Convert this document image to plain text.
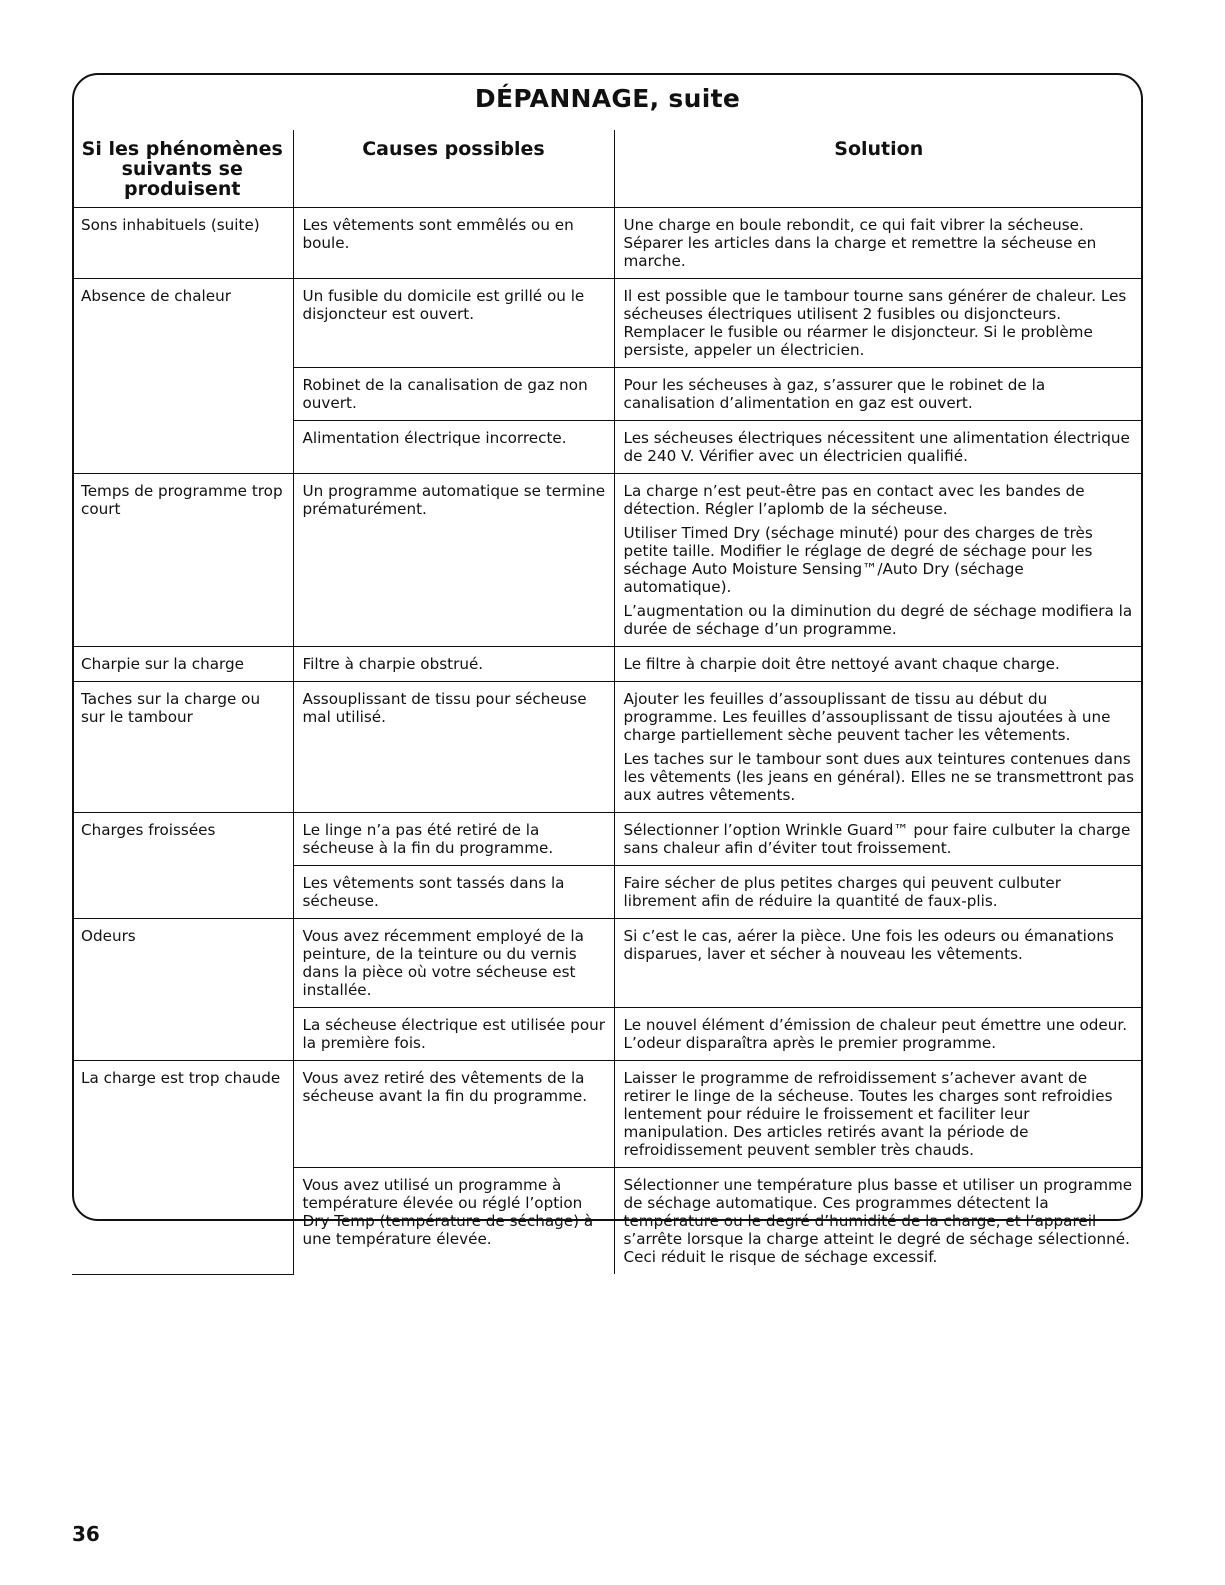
DÉPANNAGE, suite
Si les phénomènes suivants se produisent	Causes possibles	Solution
Sons inhabituels (suite)	Les vêtements sont emmêlés ou en boule.	Une charge en boule rebondit, ce qui fait vibrer la sécheuse. Séparer les articles dans la charge et remettre la sécheuse en marche.

Absence de chaleur	Un fusible du domicile est grillé ou le disjoncteur est ouvert.	Il est possible que le tambour tourne sans générer de chaleur. Les sécheuses électriques utilisent 2 fusibles ou disjoncteurs. Remplacer le fusible ou réarmer le disjoncteur. Si le problème persiste, appeler un électricien.

	Robinet de la canalisation de gaz non ouvert.	Pour les sécheuses à gaz, s’assurer que le robinet de la canalisation d’alimentation en gaz est ouvert.

	Alimentation électrique incorrecte.	Les sécheuses électriques nécessitent une alimentation électrique de 240 V. Vérifier avec un électricien qualifié.

Temps de programme trop court	Un programme automatique se termine prématurément.	La charge n’est peut-être pas en contact avec les bandes de détection. Régler l’aplomb de la sécheuse.

Utiliser Timed Dry (séchage minuté) pour des charges de très petite taille. Modifier le réglage de degré de séchage pour les séchage Auto Moisture Sensing™/Auto Dry (séchage automatique).

L’augmentation ou la diminution du degré de séchage modifiera la durée de séchage d’un programme.

Charpie sur la charge	Filtre à charpie obstrué.	Le filtre à charpie doit être nettoyé avant chaque charge.

Taches sur la charge ou sur le tambour	Assouplissant de tissu pour sécheuse mal utilisé.	Ajouter les feuilles d’assouplissant de tissu au début du programme. Les feuilles d’assouplissant de tissu ajoutées à une charge partiellement sèche peuvent tacher les vêtements.

Les taches sur le tambour sont dues aux teintures contenues dans les vêtements (les jeans en général). Elles ne se transmettront pas aux autres vêtements.

Charges froissées	Le linge n’a pas été retiré de la sécheuse à la fin du programme.	Sélectionner l’option Wrinkle Guard™ pour faire culbuter la charge sans chaleur afin d’éviter tout froissement.

	Les vêtements sont tassés dans la sécheuse.	Faire sécher de plus petites charges qui peuvent culbuter librement afin de réduire la quantité de faux-plis.

Odeurs	Vous avez récemment employé de la peinture, de la teinture ou du vernis dans la pièce où votre sécheuse est installée.	Si c’est le cas, aérer la pièce. Une fois les odeurs ou émanations disparues, laver et sécher à nouveau les vêtements.

	La sécheuse électrique est utilisée pour la première fois.	Le nouvel élément d’émission de chaleur peut émettre une odeur. L’odeur disparaîtra après le premier programme.

La charge est trop chaude	Vous avez retiré des vêtements de la sécheuse avant la fin du programme.	Laisser le programme de refroidissement s’achever avant de retirer le linge de la sécheuse. Toutes les charges sont refroidies lentement pour réduire le froissement et faciliter leur manipulation. Des articles retirés avant la période de refroidissement peuvent sembler très chauds.

	Vous avez utilisé un programme à température élevée ou réglé l’option Dry Temp (température de séchage) à une température élevée.	Sélectionner une température plus basse et utiliser un programme de séchage automatique. Ces programmes détectent la température ou le degré d’humidité de la charge, et l’appareil s’arrête lorsque la charge atteint le degré de séchage sélectionné. Ceci réduit le risque de séchage excessif.

36
